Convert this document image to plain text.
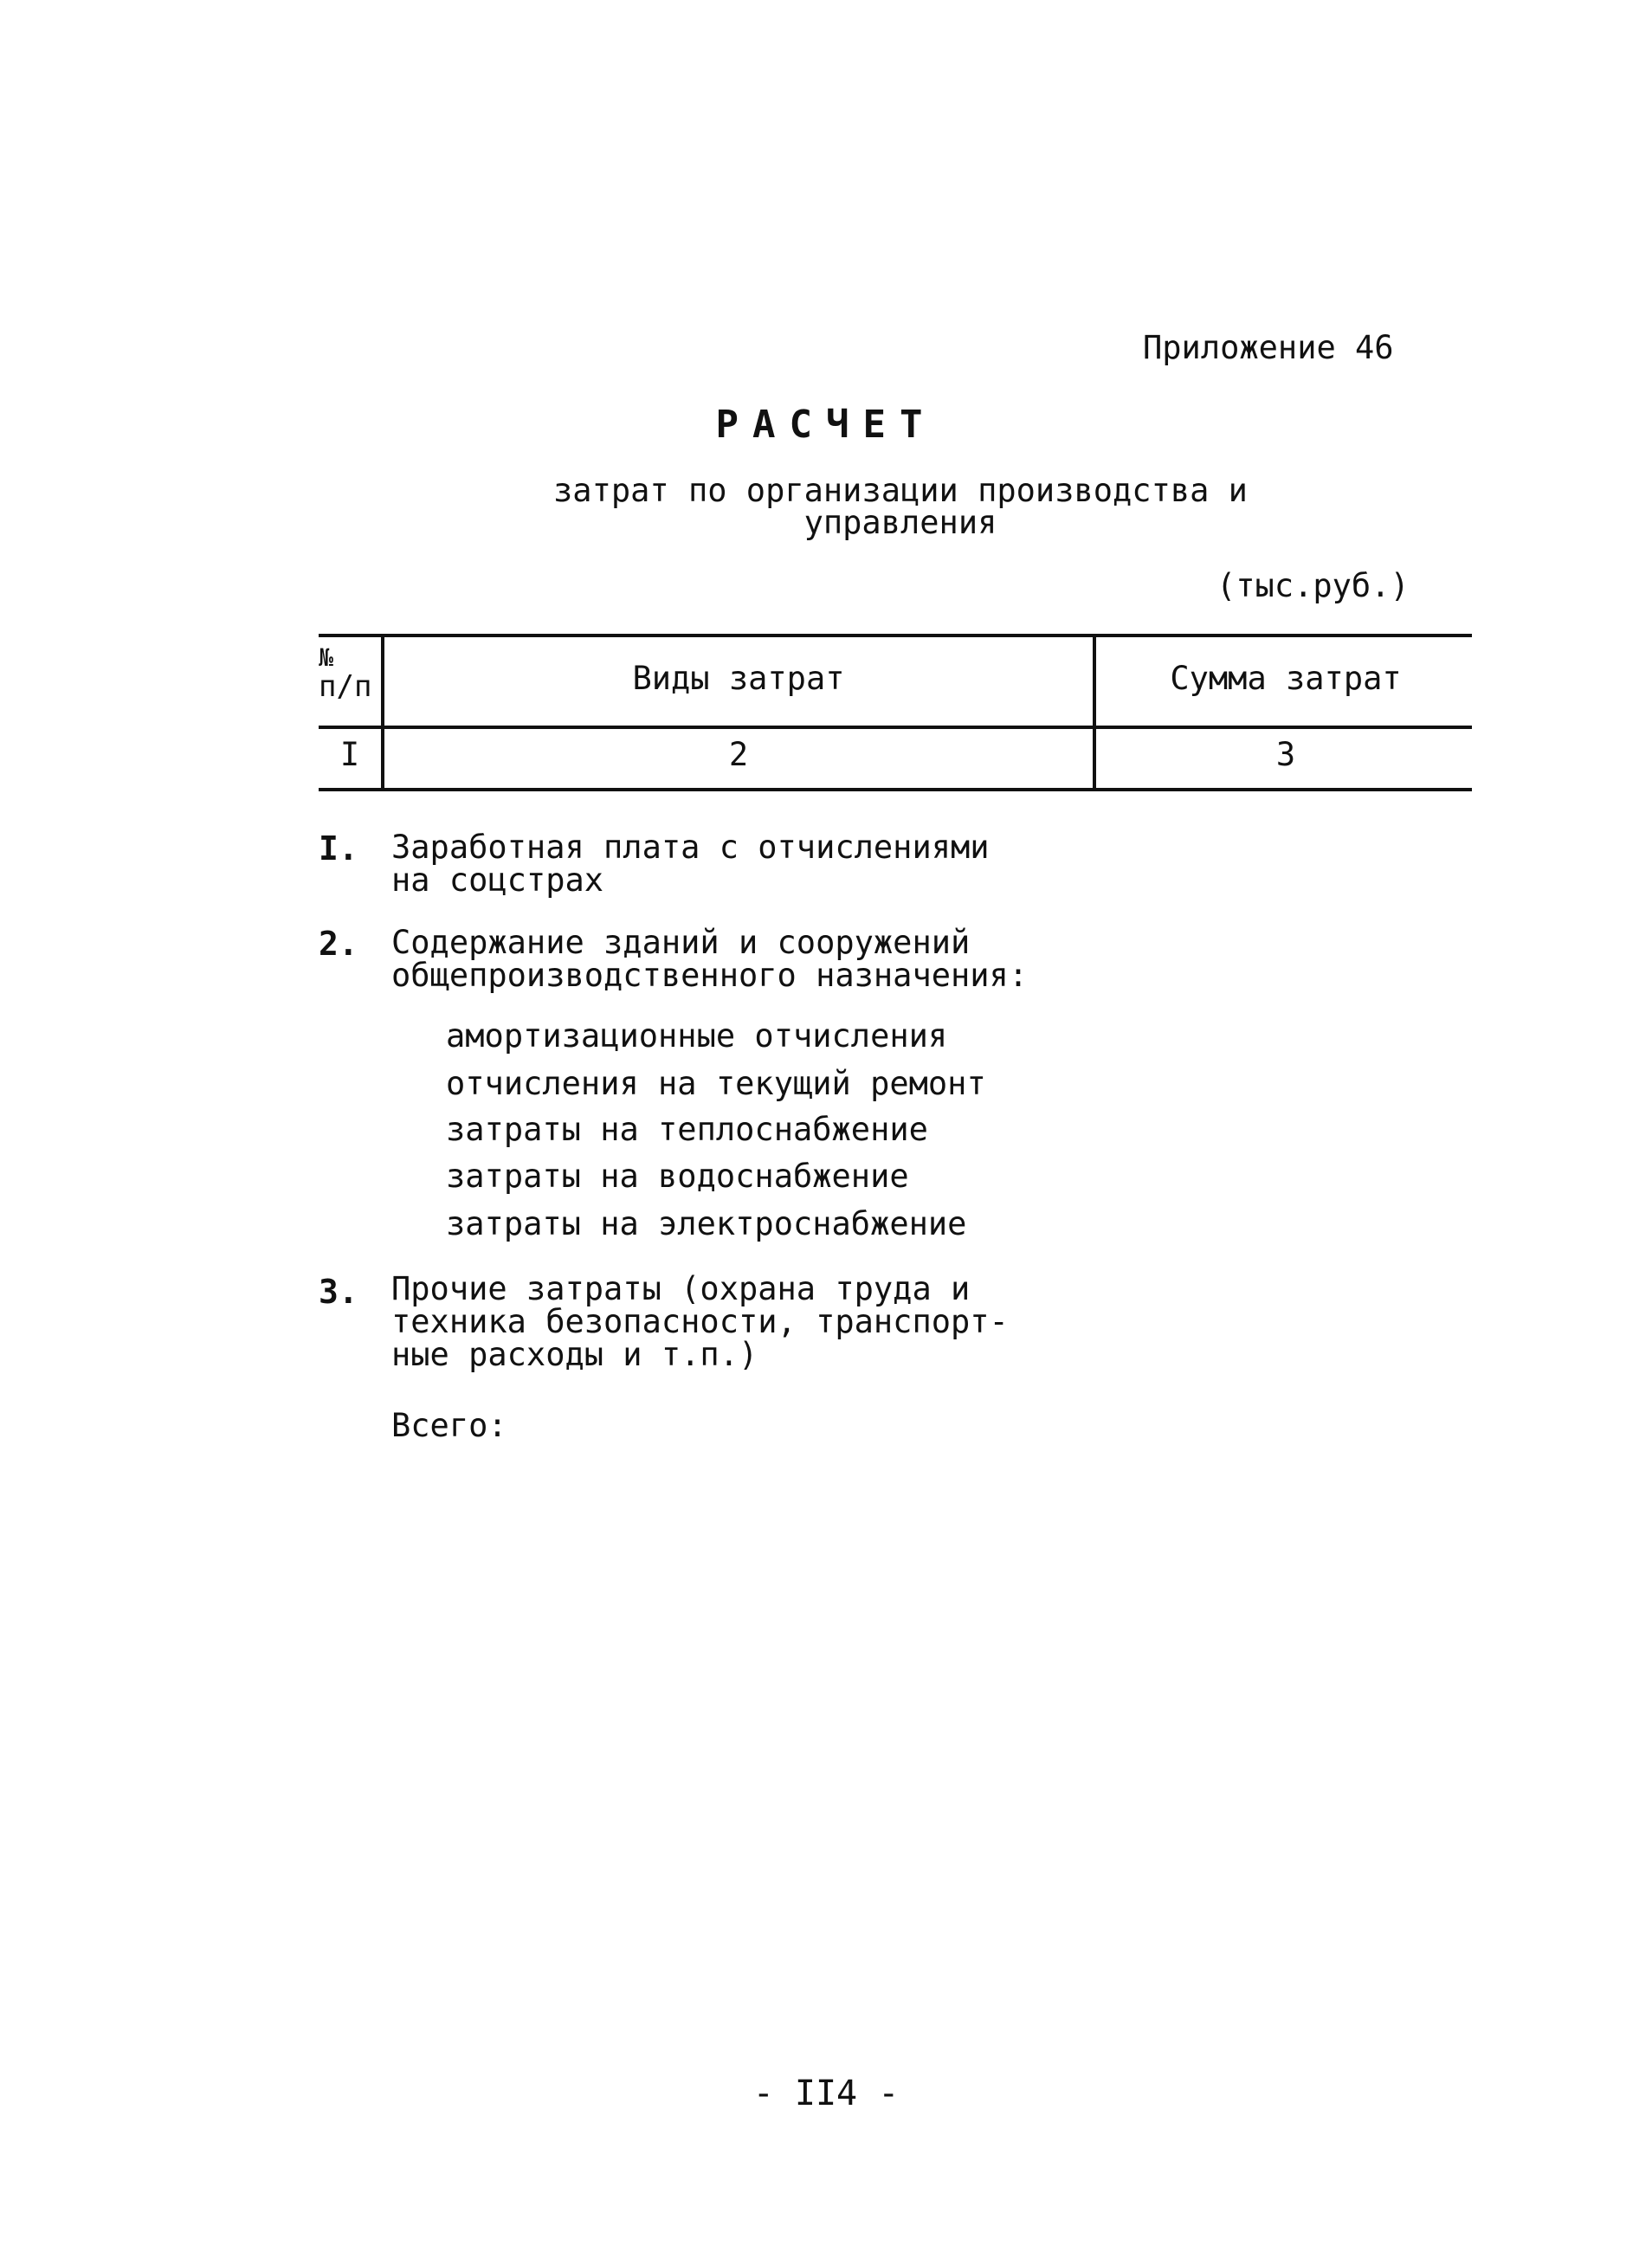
Приложение 46
РАСЧЕТ
затрат по организации производства и
управления
(тыс.руб.)
№
п/п	Виды затрат	Сумма затрат
I	2	3
I. Заработная плата с отчислениями
на соцстрах
2. Содержание зданий и сооружений
общепроизводственного назначения:
амортизационные отчисления
отчисления на текущий ремонт
затраты на теплоснабжение
затраты на водоснабжение
затраты на электроснабжение
3. Прочие затраты (охрана труда и
техника безопасности, транспорт-
ные расходы и т.п.)
Всего:
- II4 -
